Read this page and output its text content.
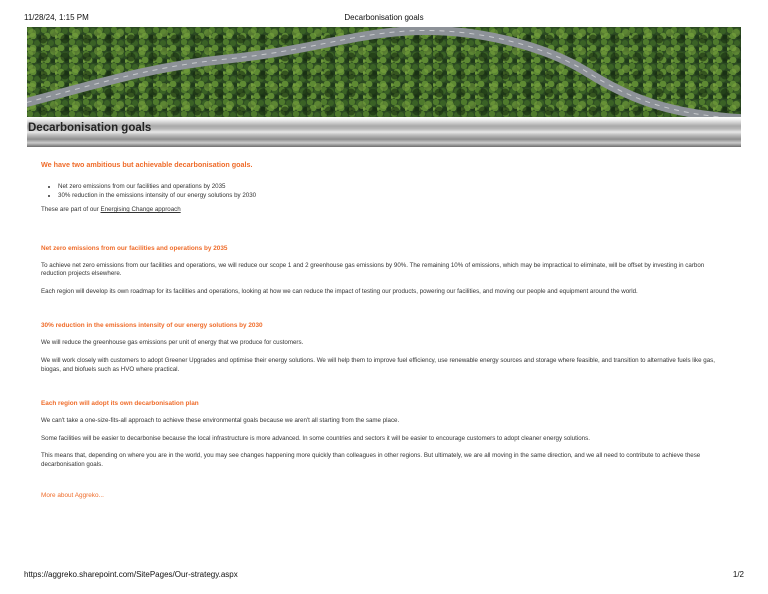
11/28/24, 1:15 PM	Decarbonisation goals
Decarbonisation goals
We have two ambitious but achievable decarbonisation goals.
• Net zero emissions from our facilities and operations by 2035
• 30% reduction in the emissions intensity of our energy solutions by 2030

These are part of our Energising Change approach

Net zero emissions from our facilities and operations by 2035

To achieve net zero emissions from our facilities and operations, we will reduce our scope 1 and 2 greenhouse gas emissions by 90%. The remaining 10% of emissions, which may be impractical to eliminate, will be offset by investing in carbon reduction projects elsewhere.

Each region will develop its own roadmap for its facilities and operations, looking at how we can reduce the impact of testing our products, powering our facilities, and moving our people and equipment around the world.

30% reduction in the emissions intensity of our energy solutions by 2030

We will reduce the greenhouse gas emissions per unit of energy that we produce for customers.

We will work closely with customers to adopt Greener Upgrades and optimise their energy solutions. We will help them to improve fuel efficiency, use renewable energy sources and storage where feasible, and transition to alternative fuels like gas, biogas, and biofuels such as HVO where practical.

Each region will adopt its own decarbonisation plan

We can't take a one-size-fits-all approach to achieve these environmental goals because we aren't all starting from the same place.

Some facilities will be easier to decarbonise because the local infrastructure is more advanced. In some countries and sectors it will be easier to encourage customers to adopt cleaner energy solutions.

This means that, depending on where you are in the world, you may see changes happening more quickly than colleagues in other regions. But ultimately, we are all moving in the same direction, and we all need to contribute to achieve these decarbonisation goals.

More about Aggreko...

https://aggreko.sharepoint.com/SitePages/Our-strategy.aspx	1/2
